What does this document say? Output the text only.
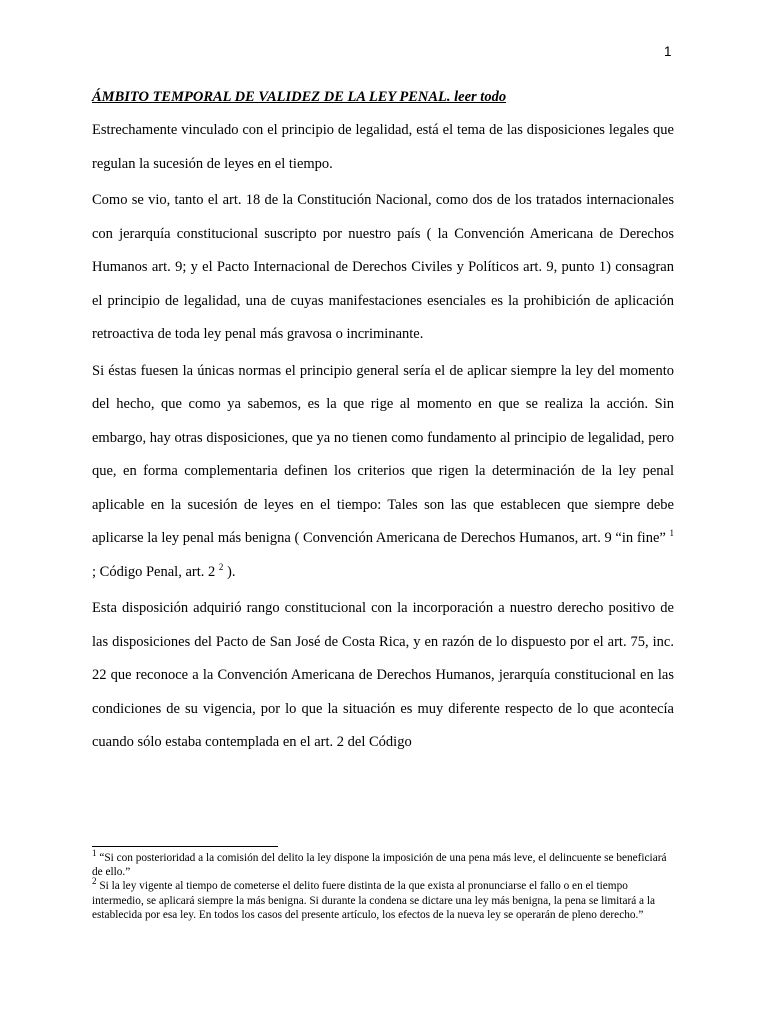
1

ÁMBITO TEMPORAL DE VALIDEZ DE LA LEY PENAL. leer todo

Estrechamente vinculado con el principio de legalidad, está el tema de las disposiciones legales que regulan la sucesión de leyes en el tiempo.

Como se vio, tanto el art. 18 de la Constitución Nacional, como dos de los tratados internacionales con jerarquía constitucional suscripto por nuestro país ( la Convención Americana de Derechos Humanos art. 9; y el Pacto Internacional de Derechos Civiles y Políticos art. 9, punto 1) consagran el principio de legalidad, una de cuyas manifestaciones esenciales es la prohibición de aplicación retroactiva de toda ley penal más gravosa o incriminante.

Si éstas fuesen la únicas normas el principio general sería el de aplicar siempre la ley del momento del hecho, que como ya sabemos, es la que rige al momento en que se realiza la acción. Sin embargo, hay otras disposiciones, que ya no tienen como fundamento al principio de legalidad, pero que, en forma complementaria definen los criterios que rigen la determinación de la ley penal aplicable en la sucesión de leyes en el tiempo: Tales son las que establecen que siempre debe aplicarse la ley penal más benigna ( Convención Americana de Derechos Humanos, art. 9 “in fine” $^1$ ; Código Penal, art. 2 $^2$ ).

Esta disposición adquirió rango constitucional con la incorporación a nuestro derecho positivo de las disposiciones del Pacto de San José de Costa Rica, y en razón de lo dispuesto por el art. 75, inc. 22 que reconoce a la Convención Americana de Derechos Humanos, jerarquía constitucional en las condiciones de su vigencia, por lo que la situación es muy diferente respecto de lo que acontecía cuando sólo estaba contemplada en el art. 2 del Código

$^1$ “Si con posterioridad a la comisión del delito la ley dispone la imposición de una pena más leve, el delincuente se beneficiará de ello.”

$^2$ Si la ley vigente al tiempo de cometerse el delito fuere distinta de la que exista al pronunciarse el fallo o en el tiempo intermedio, se aplicará siempre la más benigna. Si durante la condena se dictare una ley más benigna, la pena se limitará a la establecida por esa ley. En todos los casos del presente artículo, los efectos de la nueva ley se operarán de pleno derecho.”
